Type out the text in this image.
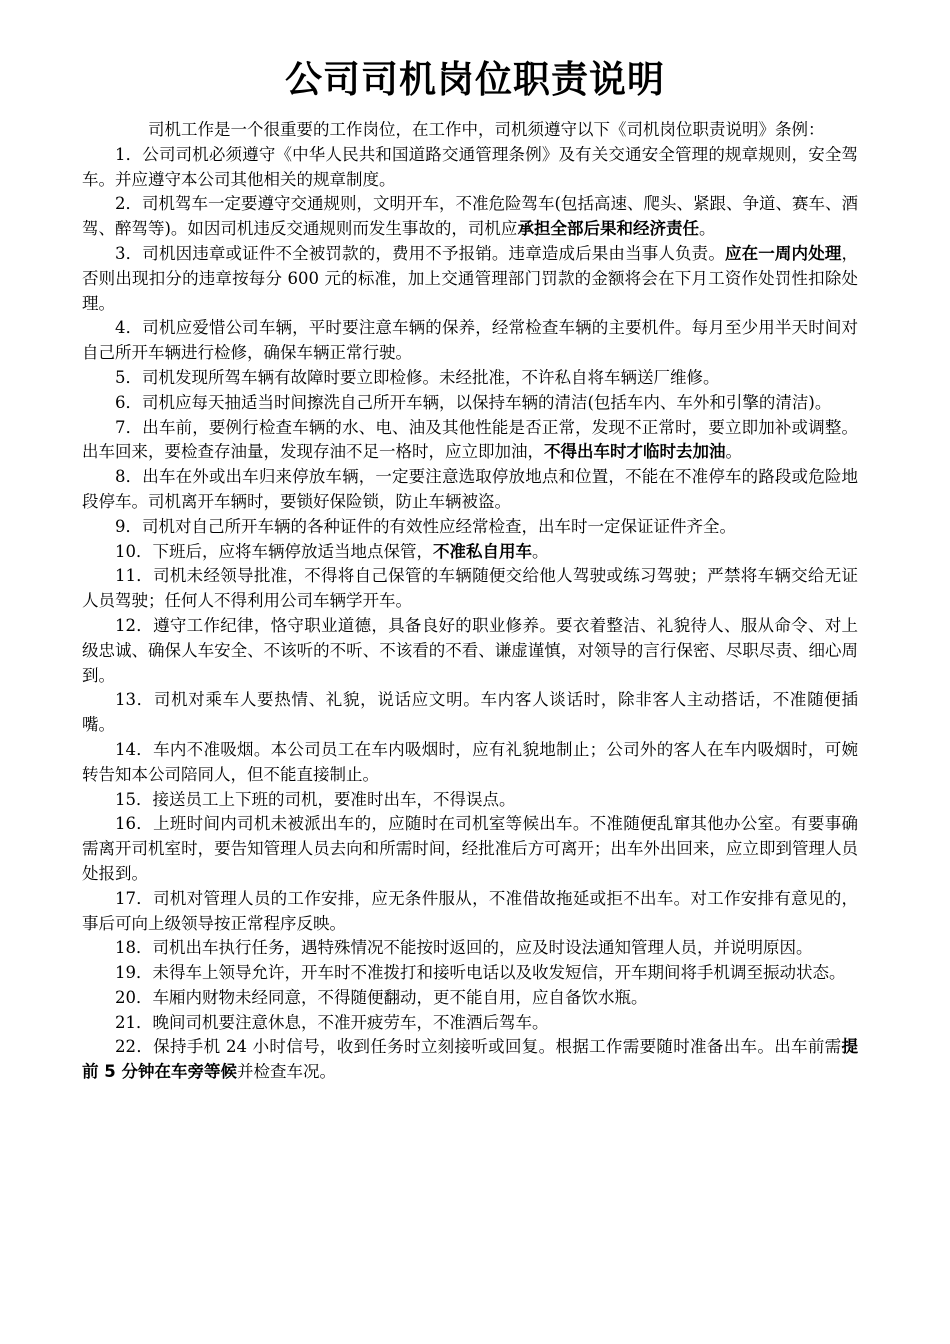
公司司机岗位职责说明

司机工作是一个很重要的工作岗位，在工作中，司机须遵守以下《司机岗位职责说明》条例：

1．公司司机必须遵守《中华人民共和国道路交通管理条例》及有关交通安全管理的规章规则，安全驾车。并应遵守本公司其他相关的规章制度。

2．司机驾车一定要遵守交通规则，文明开车，不准危险驾车(包括高速、爬头、紧跟、争道、赛车、酒驾、醉驾等)。如因司机违反交通规则而发生事故的，司机应承担全部后果和经济责任。

3．司机因违章或证件不全被罚款的，费用不予报销。违章造成后果由当事人负责。应在一周内处理，否则出现扣分的违章按每分 600 元的标准，加上交通管理部门罚款的金额将会在下月工资作处罚性扣除处理。

4．司机应爱惜公司车辆，平时要注意车辆的保养，经常检查车辆的主要机件。每月至少用半天时间对自己所开车辆进行检修，确保车辆正常行驶。

5．司机发现所驾车辆有故障时要立即检修。未经批准，不许私自将车辆送厂维修。

6．司机应每天抽适当时间擦洗自己所开车辆，以保持车辆的清洁(包括车内、车外和引擎的清洁)。

7．出车前，要例行检查车辆的水、电、油及其他性能是否正常，发现不正常时，要立即加补或调整。出车回来，要检查存油量，发现存油不足一格时，应立即加油，不得出车时才临时去加油。

8．出车在外或出车归来停放车辆，一定要注意选取停放地点和位置，不能在不准停车的路段或危险地段停车。司机离开车辆时，要锁好保险锁，防止车辆被盗。

9．司机对自己所开车辆的各种证件的有效性应经常检查，出车时一定保证证件齐全。

10．下班后，应将车辆停放适当地点保管，不准私自用车。

11．司机未经领导批准，不得将自己保管的车辆随便交给他人驾驶或练习驾驶；严禁将车辆交给无证人员驾驶；任何人不得利用公司车辆学开车。

12．遵守工作纪律，恪守职业道德，具备良好的职业修养。要衣着整洁、礼貌待人、服从命令、对上级忠诚、确保人车安全、不该听的不听、不该看的不看、谦虚谨慎，对领导的言行保密、尽职尽责、细心周到。

13．司机对乘车人要热情、礼貌，说话应文明。车内客人谈话时，除非客人主动搭话，不准随便插嘴。

14．车内不准吸烟。本公司员工在车内吸烟时，应有礼貌地制止；公司外的客人在车内吸烟时，可婉转告知本公司陪同人，但不能直接制止。

15．接送员工上下班的司机，要准时出车，不得误点。

16．上班时间内司机未被派出车的，应随时在司机室等候出车。不准随便乱窜其他办公室。有要事确需离开司机室时，要告知管理人员去向和所需时间，经批准后方可离开；出车外出回来，应立即到管理人员处报到。

17．司机对管理人员的工作安排，应无条件服从，不准借故拖延或拒不出车。对工作安排有意见的，事后可向上级领导按正常程序反映。

18．司机出车执行任务，遇特殊情况不能按时返回的，应及时设法通知管理人员，并说明原因。

19．未得车上领导允许，开车时不准拨打和接听电话以及收发短信，开车期间将手机调至振动状态。

20．车厢内财物未经同意，不得随便翻动，更不能自用，应自备饮水瓶。

21．晚间司机要注意休息，不准开疲劳车，不准酒后驾车。

22．保持手机 24 小时信号，收到任务时立刻接听或回复。根据工作需要随时准备出车。出车前需提前 5 分钟在车旁等候并检查车况。
